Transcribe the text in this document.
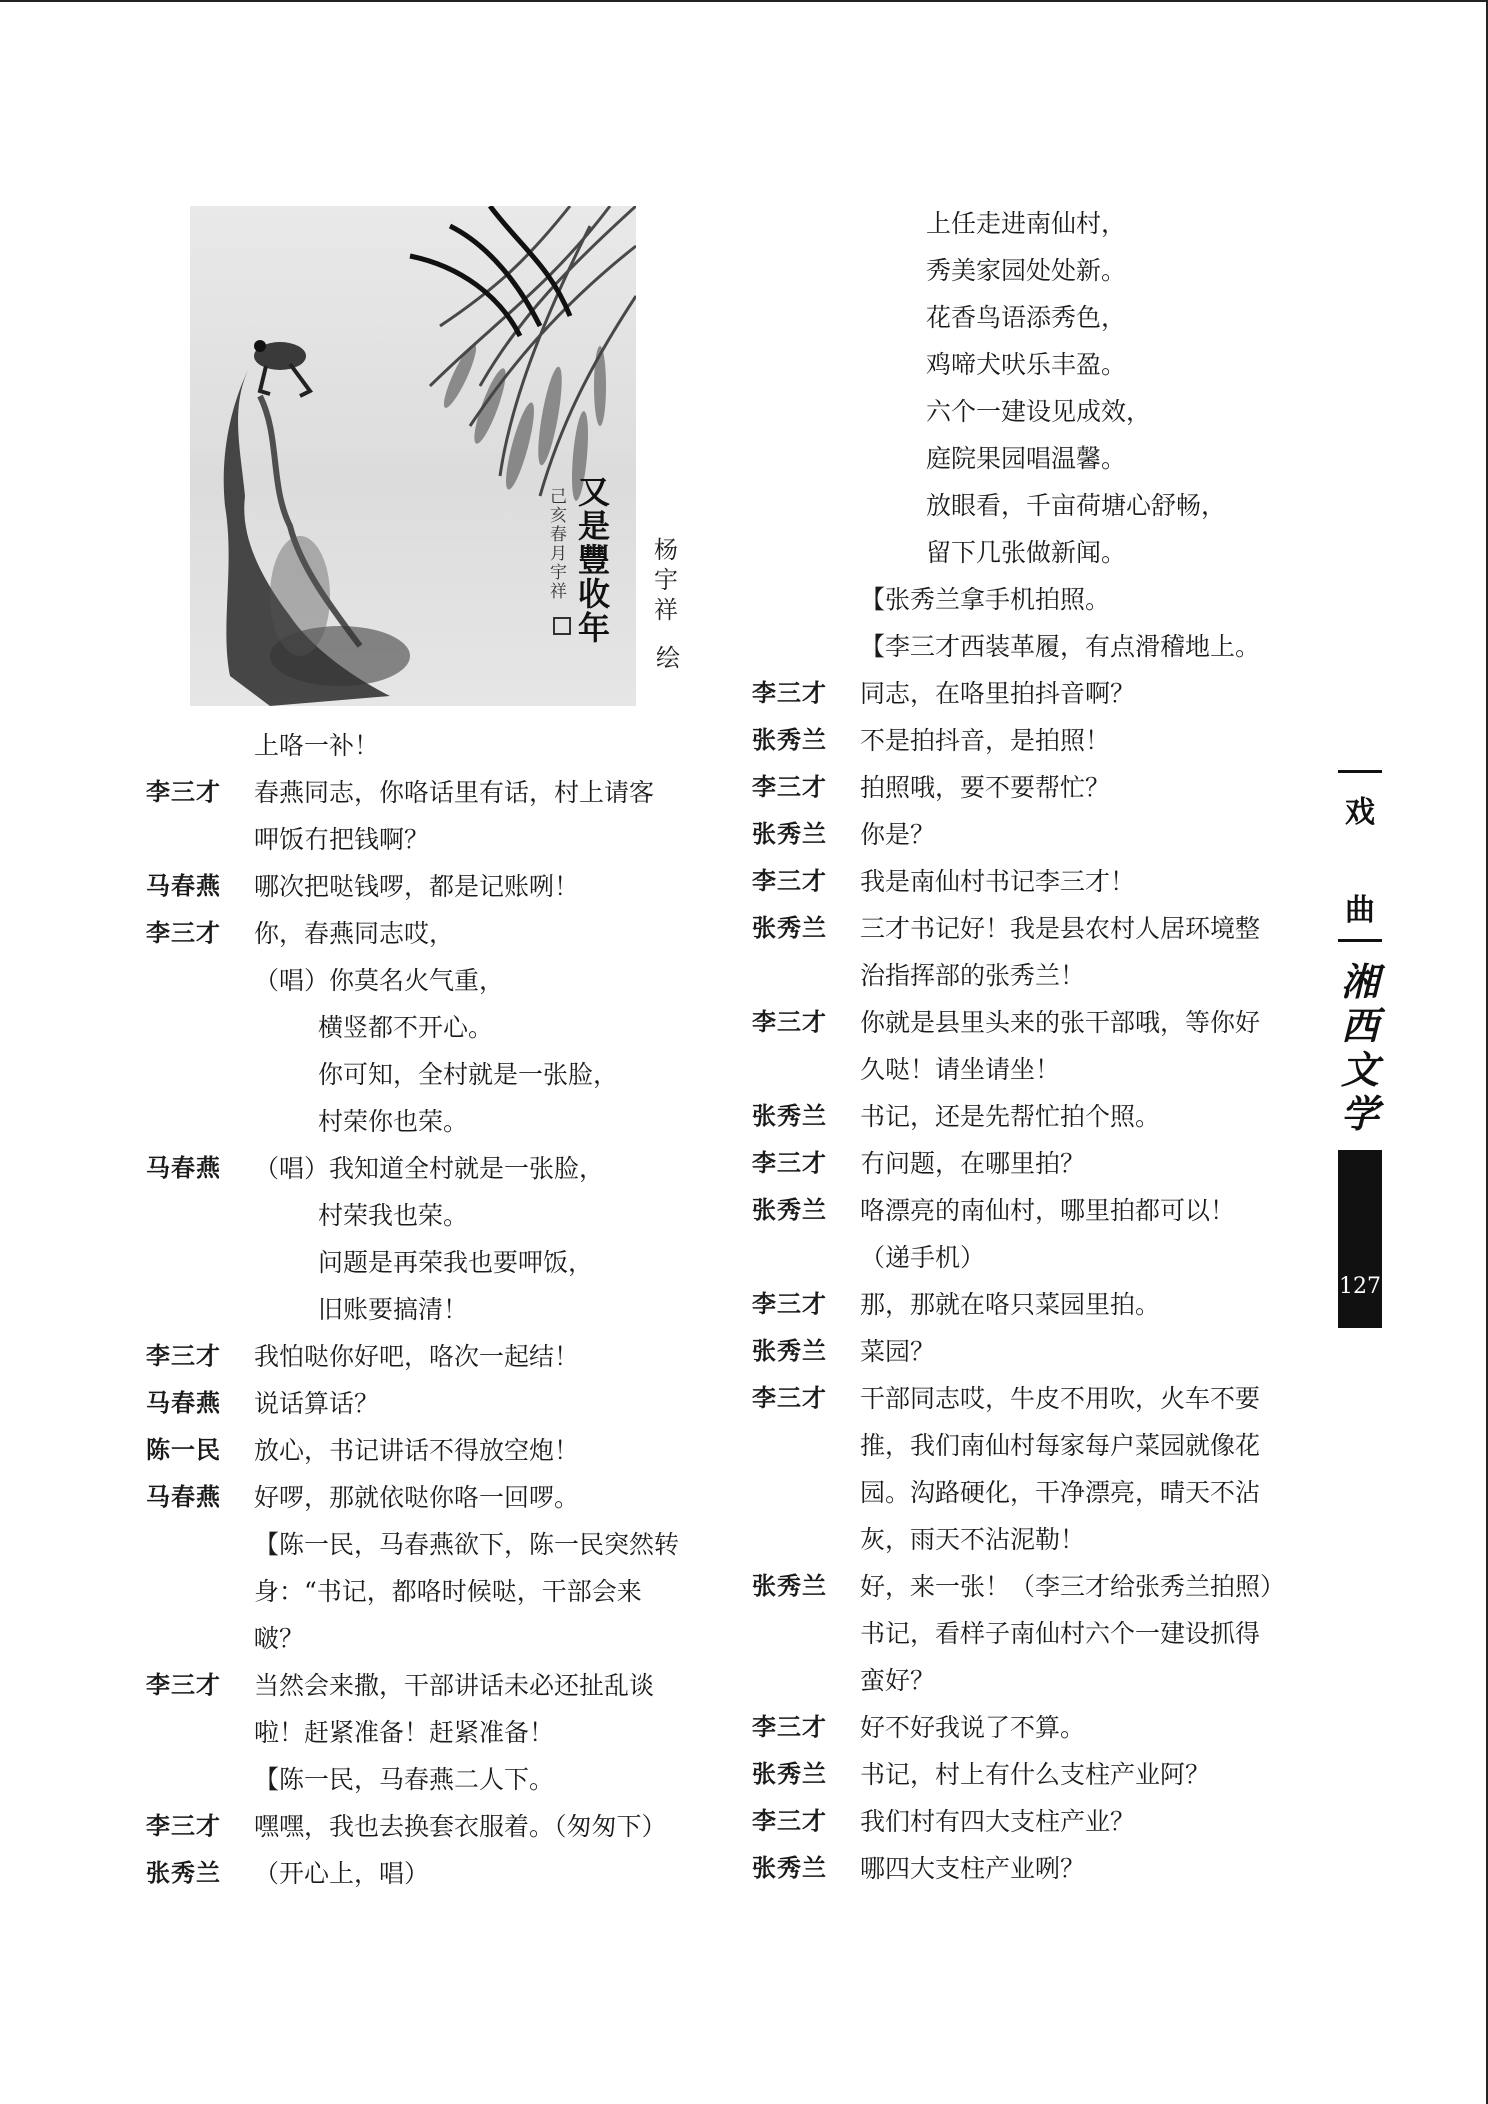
又
是
豐
收
年
己
亥
春
月
宇
祥
杨宇祥
绘

上咯一补！

李三才	春燕同志，你咯话里有话，村上请客

呷饭冇把钱啊？

马春燕	哪次把哒钱啰，都是记账咧！

李三才	你，春燕同志哎，

（唱）你莫名火气重，

横竖都不开心。

你可知，全村就是一张脸，

村荣你也荣。

马春燕	（唱）我知道全村就是一张脸，

村荣我也荣。

问题是再荣我也要呷饭，

旧账要搞清！

李三才	我怕哒你好吧，咯次一起结！

马春燕	说话算话？

陈一民	放心，书记讲话不得放空炮！

马春燕	好啰，那就依哒你咯一回啰。

【陈一民，马春燕欲下，陈一民突然转

身：“书记，都咯时候哒，干部会来

啵？

李三才	当然会来撒，干部讲话未必还扯乱谈

啦！赶紧准备！赶紧准备！

【陈一民，马春燕二人下。

李三才	嘿嘿，我也去换套衣服着。（匆匆下）

张秀兰	（开心上，唱）

上任走进南仙村，

秀美家园处处新。

花香鸟语添秀色，

鸡啼犬吠乐丰盈。

六个一建设见成效，

庭院果园唱温馨。

放眼看，千亩荷塘心舒畅，

留下几张做新闻。

【张秀兰拿手机拍照。

【李三才西装革履，有点滑稽地上。

李三才	同志，在咯里拍抖音啊？

张秀兰	不是拍抖音，是拍照！

李三才	拍照哦，要不要帮忙？

张秀兰	你是？

李三才	我是南仙村书记李三才！

张秀兰	三才书记好！我是县农村人居环境整

治指挥部的张秀兰！

李三才	你就是县里头来的张干部哦，等你好

久哒！请坐请坐！

张秀兰	书记，还是先帮忙拍个照。

李三才	冇问题，在哪里拍？

张秀兰	咯漂亮的南仙村，哪里拍都可以！

（递手机）

李三才	那，那就在咯只菜园里拍。

张秀兰	菜园？

李三才	干部同志哎，牛皮不用吹，火车不要

推，我们南仙村每家每户菜园就像花

园。沟路硬化，干净漂亮，晴天不沾

灰，雨天不沾泥勒！

张秀兰	好，来一张！（李三才给张秀兰拍照）

书记，看样子南仙村六个一建设抓得

蛮好？

李三才	好不好我说了不算。

张秀兰	书记，村上有什么支柱产业阿？

李三才	我们村有四大支柱产业？

张秀兰	哪四大支柱产业咧？

戏
曲
湘
西
文
学
127
